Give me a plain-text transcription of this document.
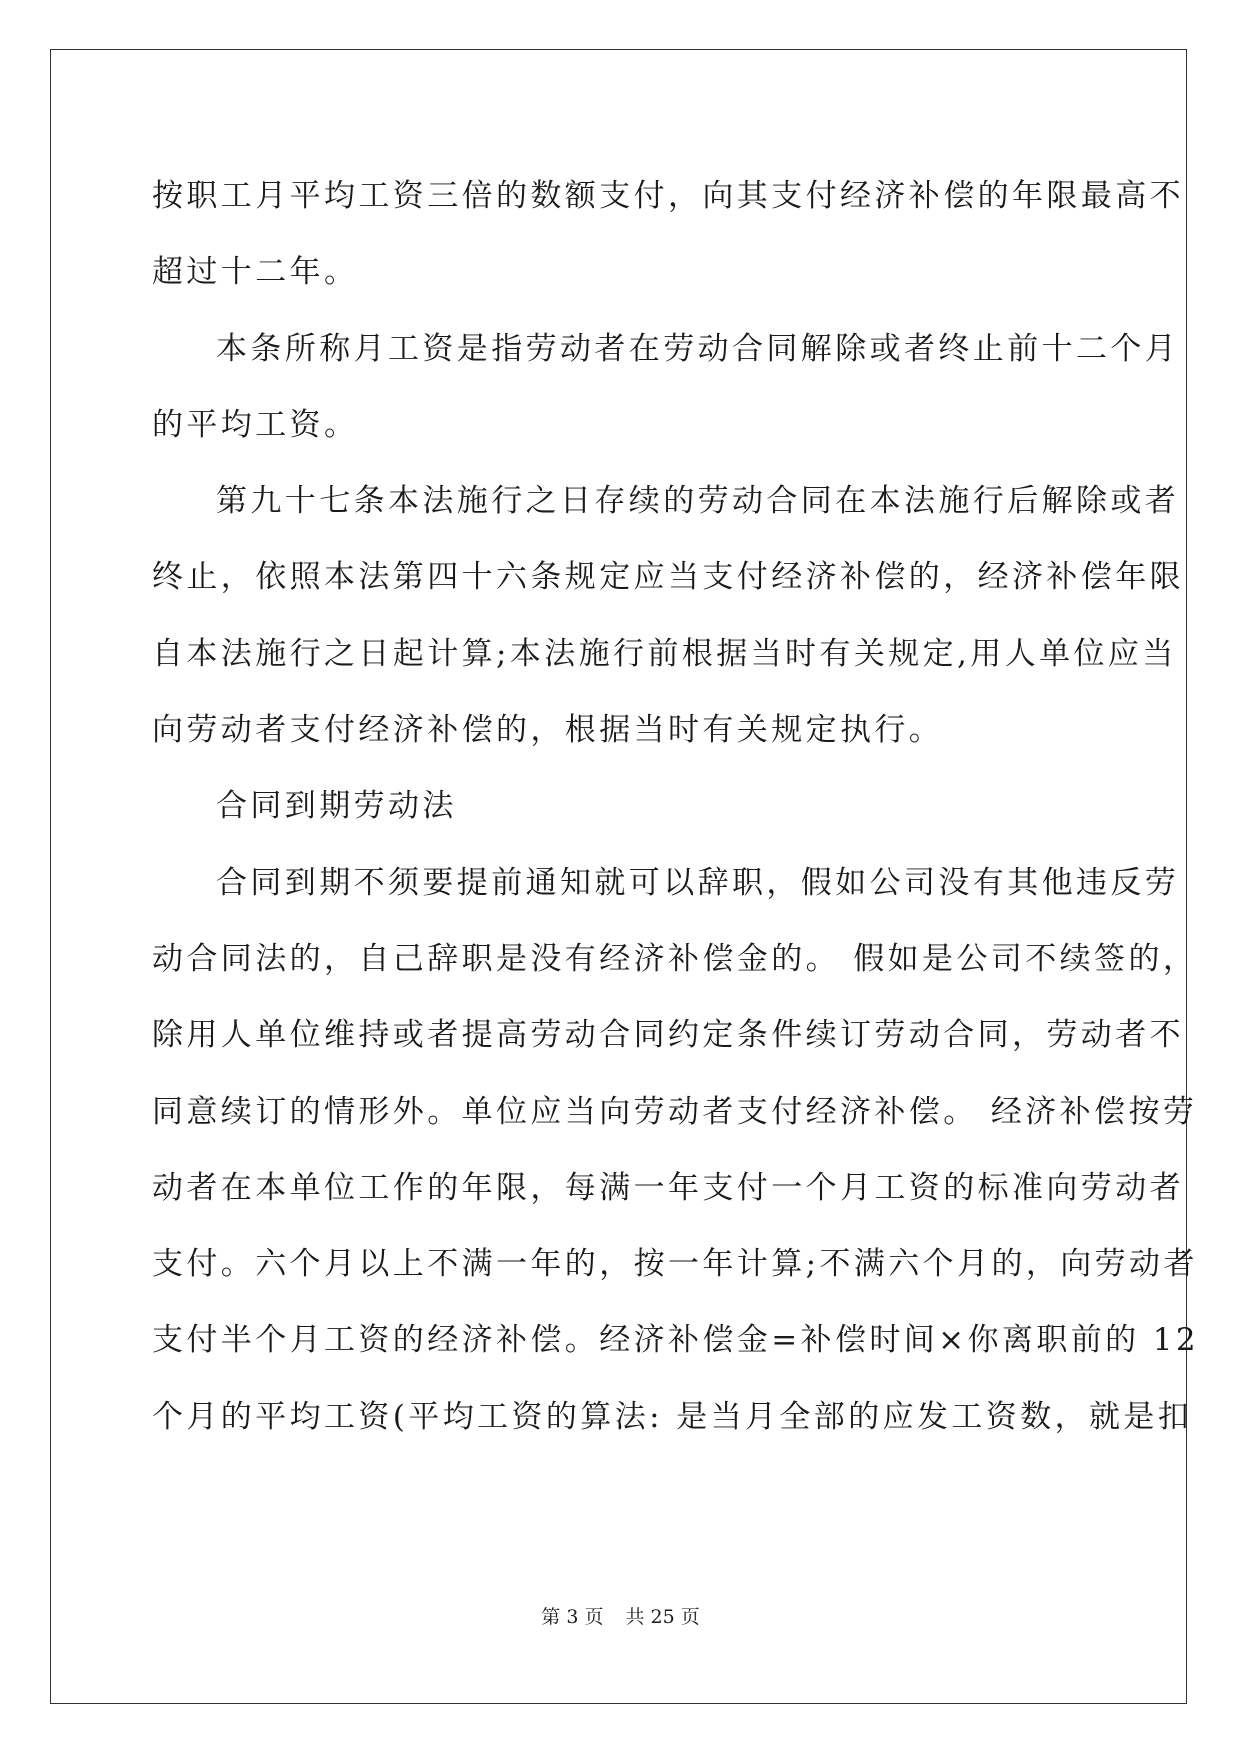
按职工月平均工资三倍的数额支付，向其支付经济补偿的年限最高不
超过十二年。
本条所称月工资是指劳动者在劳动合同解除或者终止前十二个月
的平均工资。
第九十七条本法施行之日存续的劳动合同在本法施行后解除或者
终止，依照本法第四十六条规定应当支付经济补偿的，经济补偿年限
自本法施行之日起计算;本法施行前根据当时有关规定,用人单位应当
向劳动者支付经济补偿的，根据当时有关规定执行。
合同到期劳动法
合同到期不须要提前通知就可以辞职，假如公司没有其他违反劳
动合同法的，自己辞职是没有经济补偿金的。 假如是公司不续签的，
除用人单位维持或者提高劳动合同约定条件续订劳动合同，劳动者不
同意续订的情形外。单位应当向劳动者支付经济补偿。 经济补偿按劳
动者在本单位工作的年限，每满一年支付一个月工资的标准向劳动者
支付。六个月以上不满一年的，按一年计算;不满六个月的，向劳动者
支付半个月工资的经济补偿。经济补偿金=补偿时间×你离职前的 12
个月的平均工资(平均工资的算法: 是当月全部的应发工资数，就是扣
第 3 页 共 25 页
